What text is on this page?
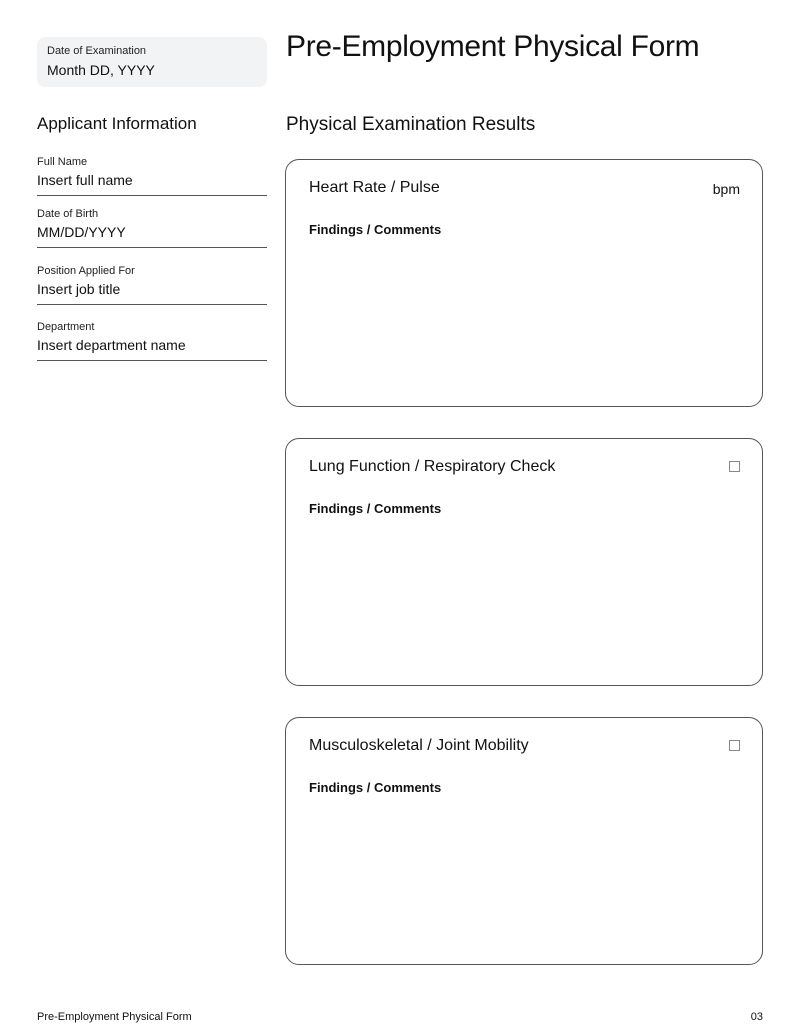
Date of Examination
Month DD, YYYY
Pre-Employment Physical Form
Applicant Information
Full Name
Insert full name
Date of Birth
MM/DD/YYYY
Position Applied For
Insert job title
Department
Insert department name
Physical Examination Results
Heart Rate / Pulse	bpm
Findings / Comments
Lung Function / Respiratory Check
Findings / Comments
Musculoskeletal / Joint Mobility
Findings / Comments
Pre-Employment Physical Form	03
